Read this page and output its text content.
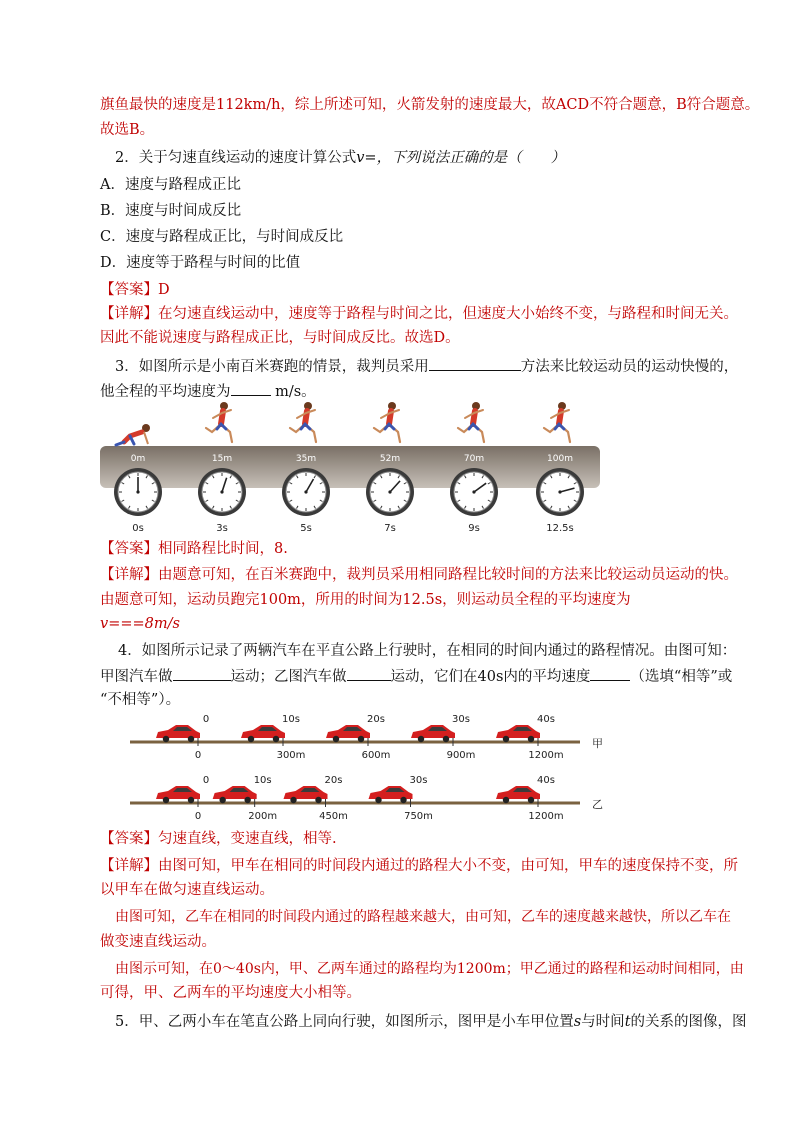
旗鱼最快的速度是112km/h，综上所述可知，火箭发射的速度最大，故ACD不符合题意，B符合题意。
故选B。
2．关于匀速直线运动的速度计算公式v=，下列说法正确的是（　　）
A．速度与路程成正比
B．速度与时间成反比
C．速度与路程成正比，与时间成反比
D．速度等于路程与时间的比值
【答案】D
【详解】在匀速直线运动中，速度等于路程与时间之比，但速度大小始终不变，与路程和时间无关。
因此不能说速度与路程成正比，与时间成反比。故选D。
3．如图所示是小南百米赛跑的情景，裁判员采用	方法来比较运动员的运动快慢的，
他全程的平均速度为	m/s。
0m	15m	35m	52m	70m	100m
0s	3s	5s	7s	9s	12.5s
【答案】相同路程比时间，8.
【详解】由题意可知，在百米赛跑中，裁判员采用相同路程比较时间的方法来比较运动员运动的快。
由题意可知，运动员跑完100m，所用的时间为12.5s，则运动员全程的平均速度为
v===8m/s
4．如图所示记录了两辆汽车在平直公路上行驶时，在相同的时间内通过的路程情况。由图可知：
甲图汽车做	运动；乙图汽车做	运动，它们在40s内的平均速度	（选填“相等”或
“不相等”）。
0
0
10s
300m
20s
600m
30s
900m
40s
1200m
甲
0
0
10s
200m
20s
450m
30s
750m
40s
1200m
乙
【答案】匀速直线，变速直线，相等.
【详解】由图可知，甲车在相同的时间段内通过的路程大小不变，由可知，甲车的速度保持不变，所
以甲车在做匀速直线运动。
由图可知，乙车在相同的时间段内通过的路程越来越大，由可知，乙车的速度越来越快，所以乙车在
做变速直线运动。
由图示可知，在0～40s内，甲、乙两车通过的路程均为1200m；甲乙通过的路程和运动时间相同，由
可得，甲、乙两车的平均速度大小相等。
5．甲、乙两小车在笔直公路上同向行驶，如图所示，图甲是小车甲位置s与时间t的关系的图像，图
